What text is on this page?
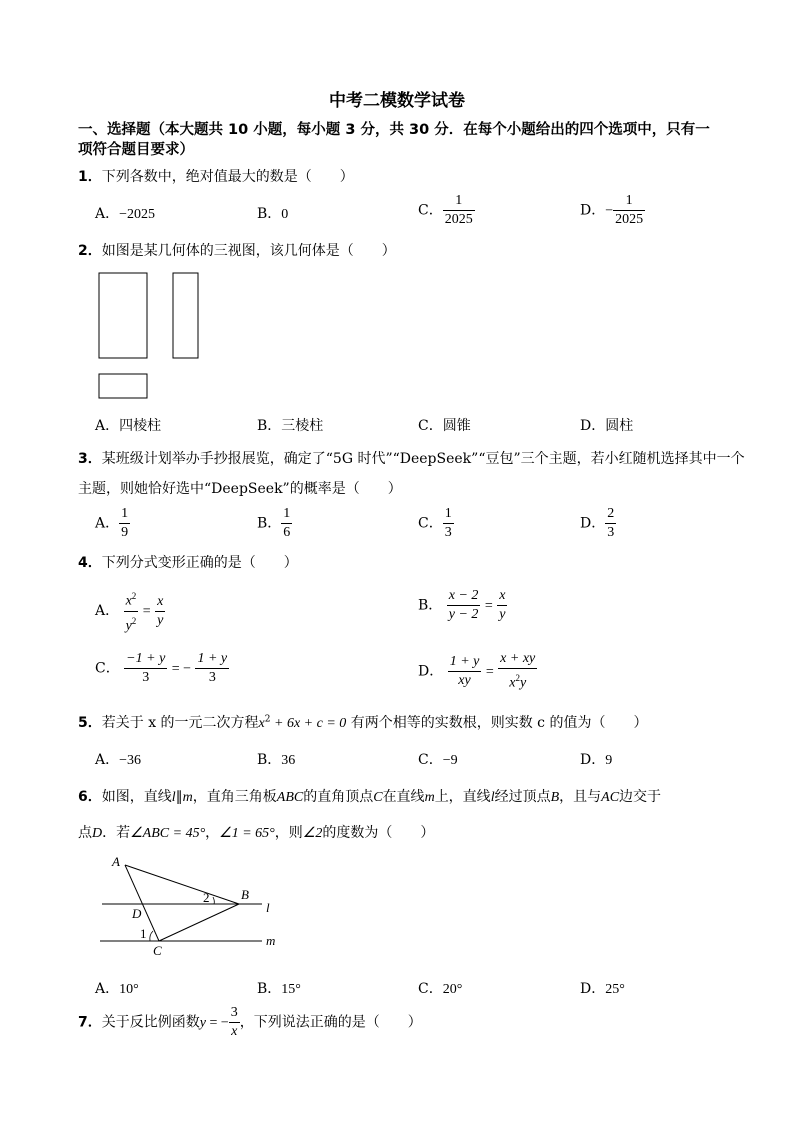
中考二模数学试卷
一、选择题（本大题共 10 小题，每小题 3 分，共 30 分．在每个小题给出的四个选项中，只有一
项符合题目要求）
1．下列各数中，绝对值最大的数是（　　）
A．−2025	B．0	C． $\frac{1}{2025}$	D．− $\frac{1}{2025}$
2．如图是某几何体的三视图，该几何体是（　　）
A．四棱柱	B．三棱柱	C．圆锥	D．圆柱
3．某班级计划举办手抄报展览，确定了“5G 时代”“DeepSeek”“豆包”三个主题，若小红随机选择其中一个
主题，则她恰好选中“DeepSeek”的概率是（　　）
A． $\frac{1}{9}$	B． $\frac{1}{6}$	C． $\frac{1}{3}$	D． $\frac{2}{3}$
4．下列分式变形正确的是（　　）
A． $\frac{x^2}{y^2} = \frac{x}{y}$	B． $\frac{x - 2}{y - 2} = \frac{x}{y}$
C． $\frac{-1 + y}{3}$ = − $\frac{1 + y}{3}$	D． $\frac{1 + y}{xy} = \frac{x + xy}{x^2y}$
5．若关于 x 的一元二次方程$x^2 + 6x + c = 0$ 有两个相等的实数根，则实数 c 的值为（　　）
A．−36	B．36	C．−9	D．9
6．如图，直线l∥m，直角三角板ABC的直角顶点C在直线m上，直线l经过顶点B，且与AC边交于
点D．若∠ABC = 45°，∠1 = 65°，则∠2的度数为（　　）
A
B
C
D
1
2
l
m
A．10°	B．15°	C．20°	D．25°
7．关于反比例函数y = − $\frac{3}{x}$ ，下列说法正确的是（　　）
